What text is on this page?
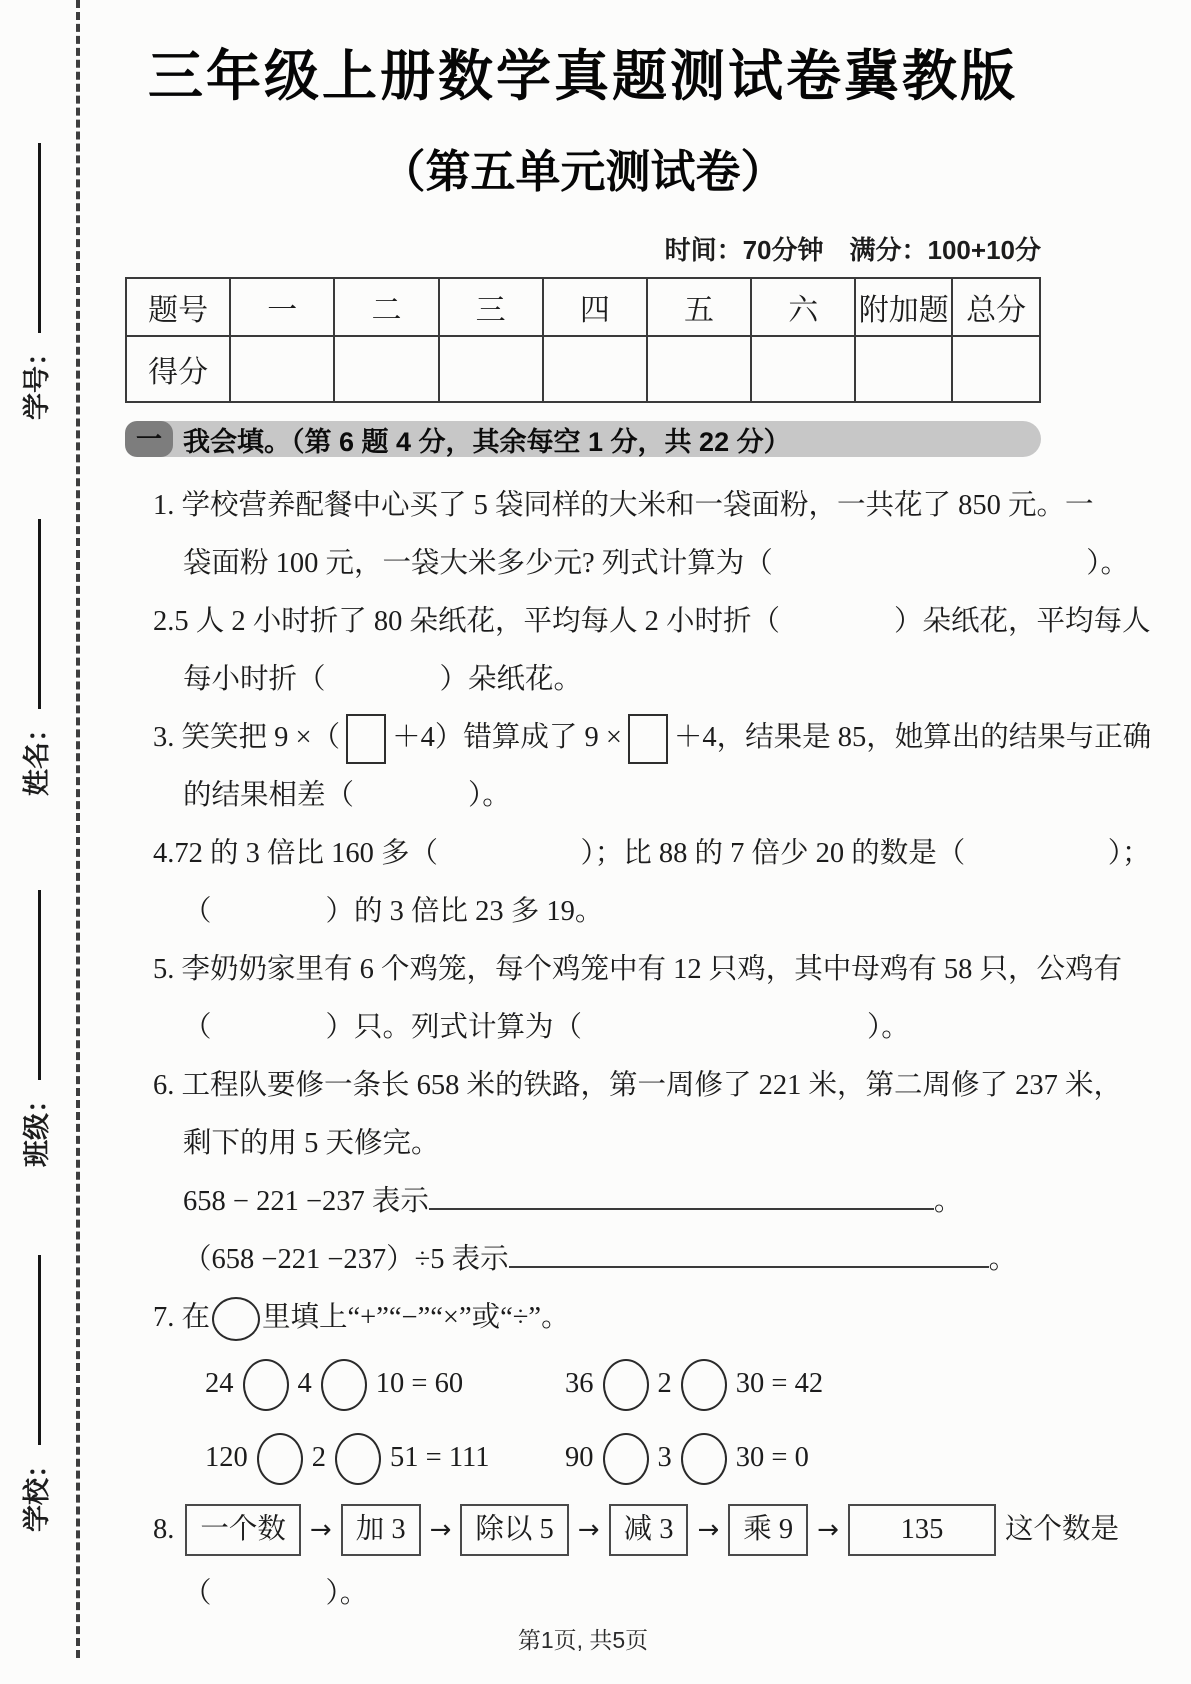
学号：
姓名：
班级：
学校：
三年级上册数学真题测试卷冀教版
（第五单元测试卷）
时间：70分钟　满分：100+10分
题号	一	二	三	四	五	六	附加题	总分
得分								
一 我会填。（第 6 题 4 分，其余每空 1 分，共 22 分）
1. 学校营养配餐中心买了 5 袋同样的大米和一袋面粉，一共花了 850 元。一
袋面粉 100 元，一袋大米多少元? 列式计算为（　　　　　　　　　　　）。
2.5 人 2 小时折了 80 朵纸花，平均每人 2 小时折（　　　　）朵纸花，平均每人
每小时折（　　　　）朵纸花。
3. 笑笑把 9 ×（ ＋4）错算成了 9 × ＋4，结果是 85，她算出的结果与正确
的结果相差（　　　　）。
4.72 的 3 倍比 160 多（　　　　　）；比 88 的 7 倍少 20 的数是（　　　　　）；
（　　　　）的 3 倍比 23 多 19。
5. 李奶奶家里有 6 个鸡笼，每个鸡笼中有 12 只鸡，其中母鸡有 58 只，公鸡有
（　　　　）只。列式计算为（　　　　　　　　　　）。
6. 工程队要修一条长 658 米的铁路，第一周修了 221 米，第二周修了 237 米，
剩下的用 5 天修完。
658 − 221 −237 表示	。
（658 −221 −237）÷5 表示	。
7. 在 里填上“+”“−”“×”或“÷”。
24 4 10 = 60	36 2 30 = 42
120 2 51 = 111	90 3 30 = 0
8. 一个数 → 加 3 → 除以 5 → 减 3 → 乘 9 →	135	这个数是
（　　　　）。
第1页, 共5页
